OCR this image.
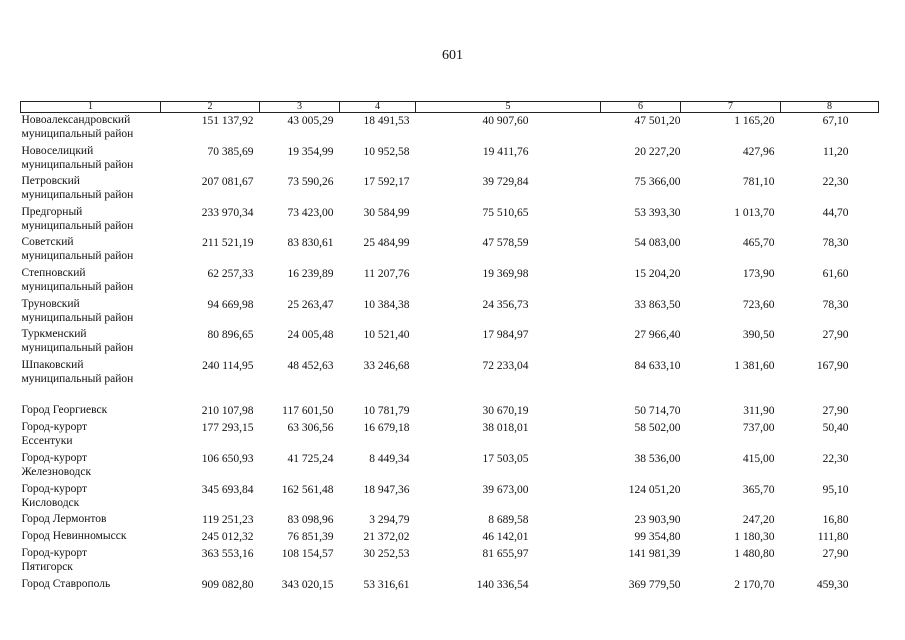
601
1	2	3	4	5	6	7	8

Новоалександровский
муниципальный район	151 137,92	43 005,29	18 491,53	40 907,60	47 501,20	1 165,20	67,10

Новоселицкий
муниципальный район	70 385,69	19 354,99	10 952,58	19 411,76	20 227,20	427,96	11,20

Петровский
муниципальный район	207 081,67	73 590,26	17 592,17	39 729,84	75 366,00	781,10	22,30

Предгорный
муниципальный район	233 970,34	73 423,00	30 584,99	75 510,65	53 393,30	1 013,70	44,70

Советский
муниципальный район	211 521,19	83 830,61	25 484,99	47 578,59	54 083,00	465,70	78,30

Степновский
муниципальный район	62 257,33	16 239,89	11 207,76	19 369,98	15 204,20	173,90	61,60

Труновский
муниципальный район	94 669,98	25 263,47	10 384,38	24 356,73	33 863,50	723,60	78,30

Туркменский
муниципальный район	80 896,65	24 005,48	10 521,40	17 984,97	27 966,40	390,50	27,90

Шпаковский
муниципальный район	240 114,95	48 452,63	33 246,68	72 233,04	84 633,10	1 381,60	167,90

Город Георгиевск	210 107,98	117 601,50	10 781,79	30 670,19	50 714,70	311,90	27,90

Город-курорт
Ессентуки	177 293,15	63 306,56	16 679,18	38 018,01	58 502,00	737,00	50,40

Город-курорт
Железноводск	106 650,93	41 725,24	8 449,34	17 503,05	38 536,00	415,00	22,30

Город-курорт
Кисловодск	345 693,84	162 561,48	18 947,36	39 673,00	124 051,20	365,70	95,10

Город Лермонтов	119 251,23	83 098,96	3 294,79	8 689,58	23 903,90	247,20	16,80

Город Невинномысск	245 012,32	76 851,39	21 372,02	46 142,01	99 354,80	1 180,30	111,80

Город-курорт
Пятигорск	363 553,16	108 154,57	30 252,53	81 655,97	141 981,39	1 480,80	27,90

Город Ставрополь	909 082,80	343 020,15	53 316,61	140 336,54	369 779,50	2 170,70	459,30
